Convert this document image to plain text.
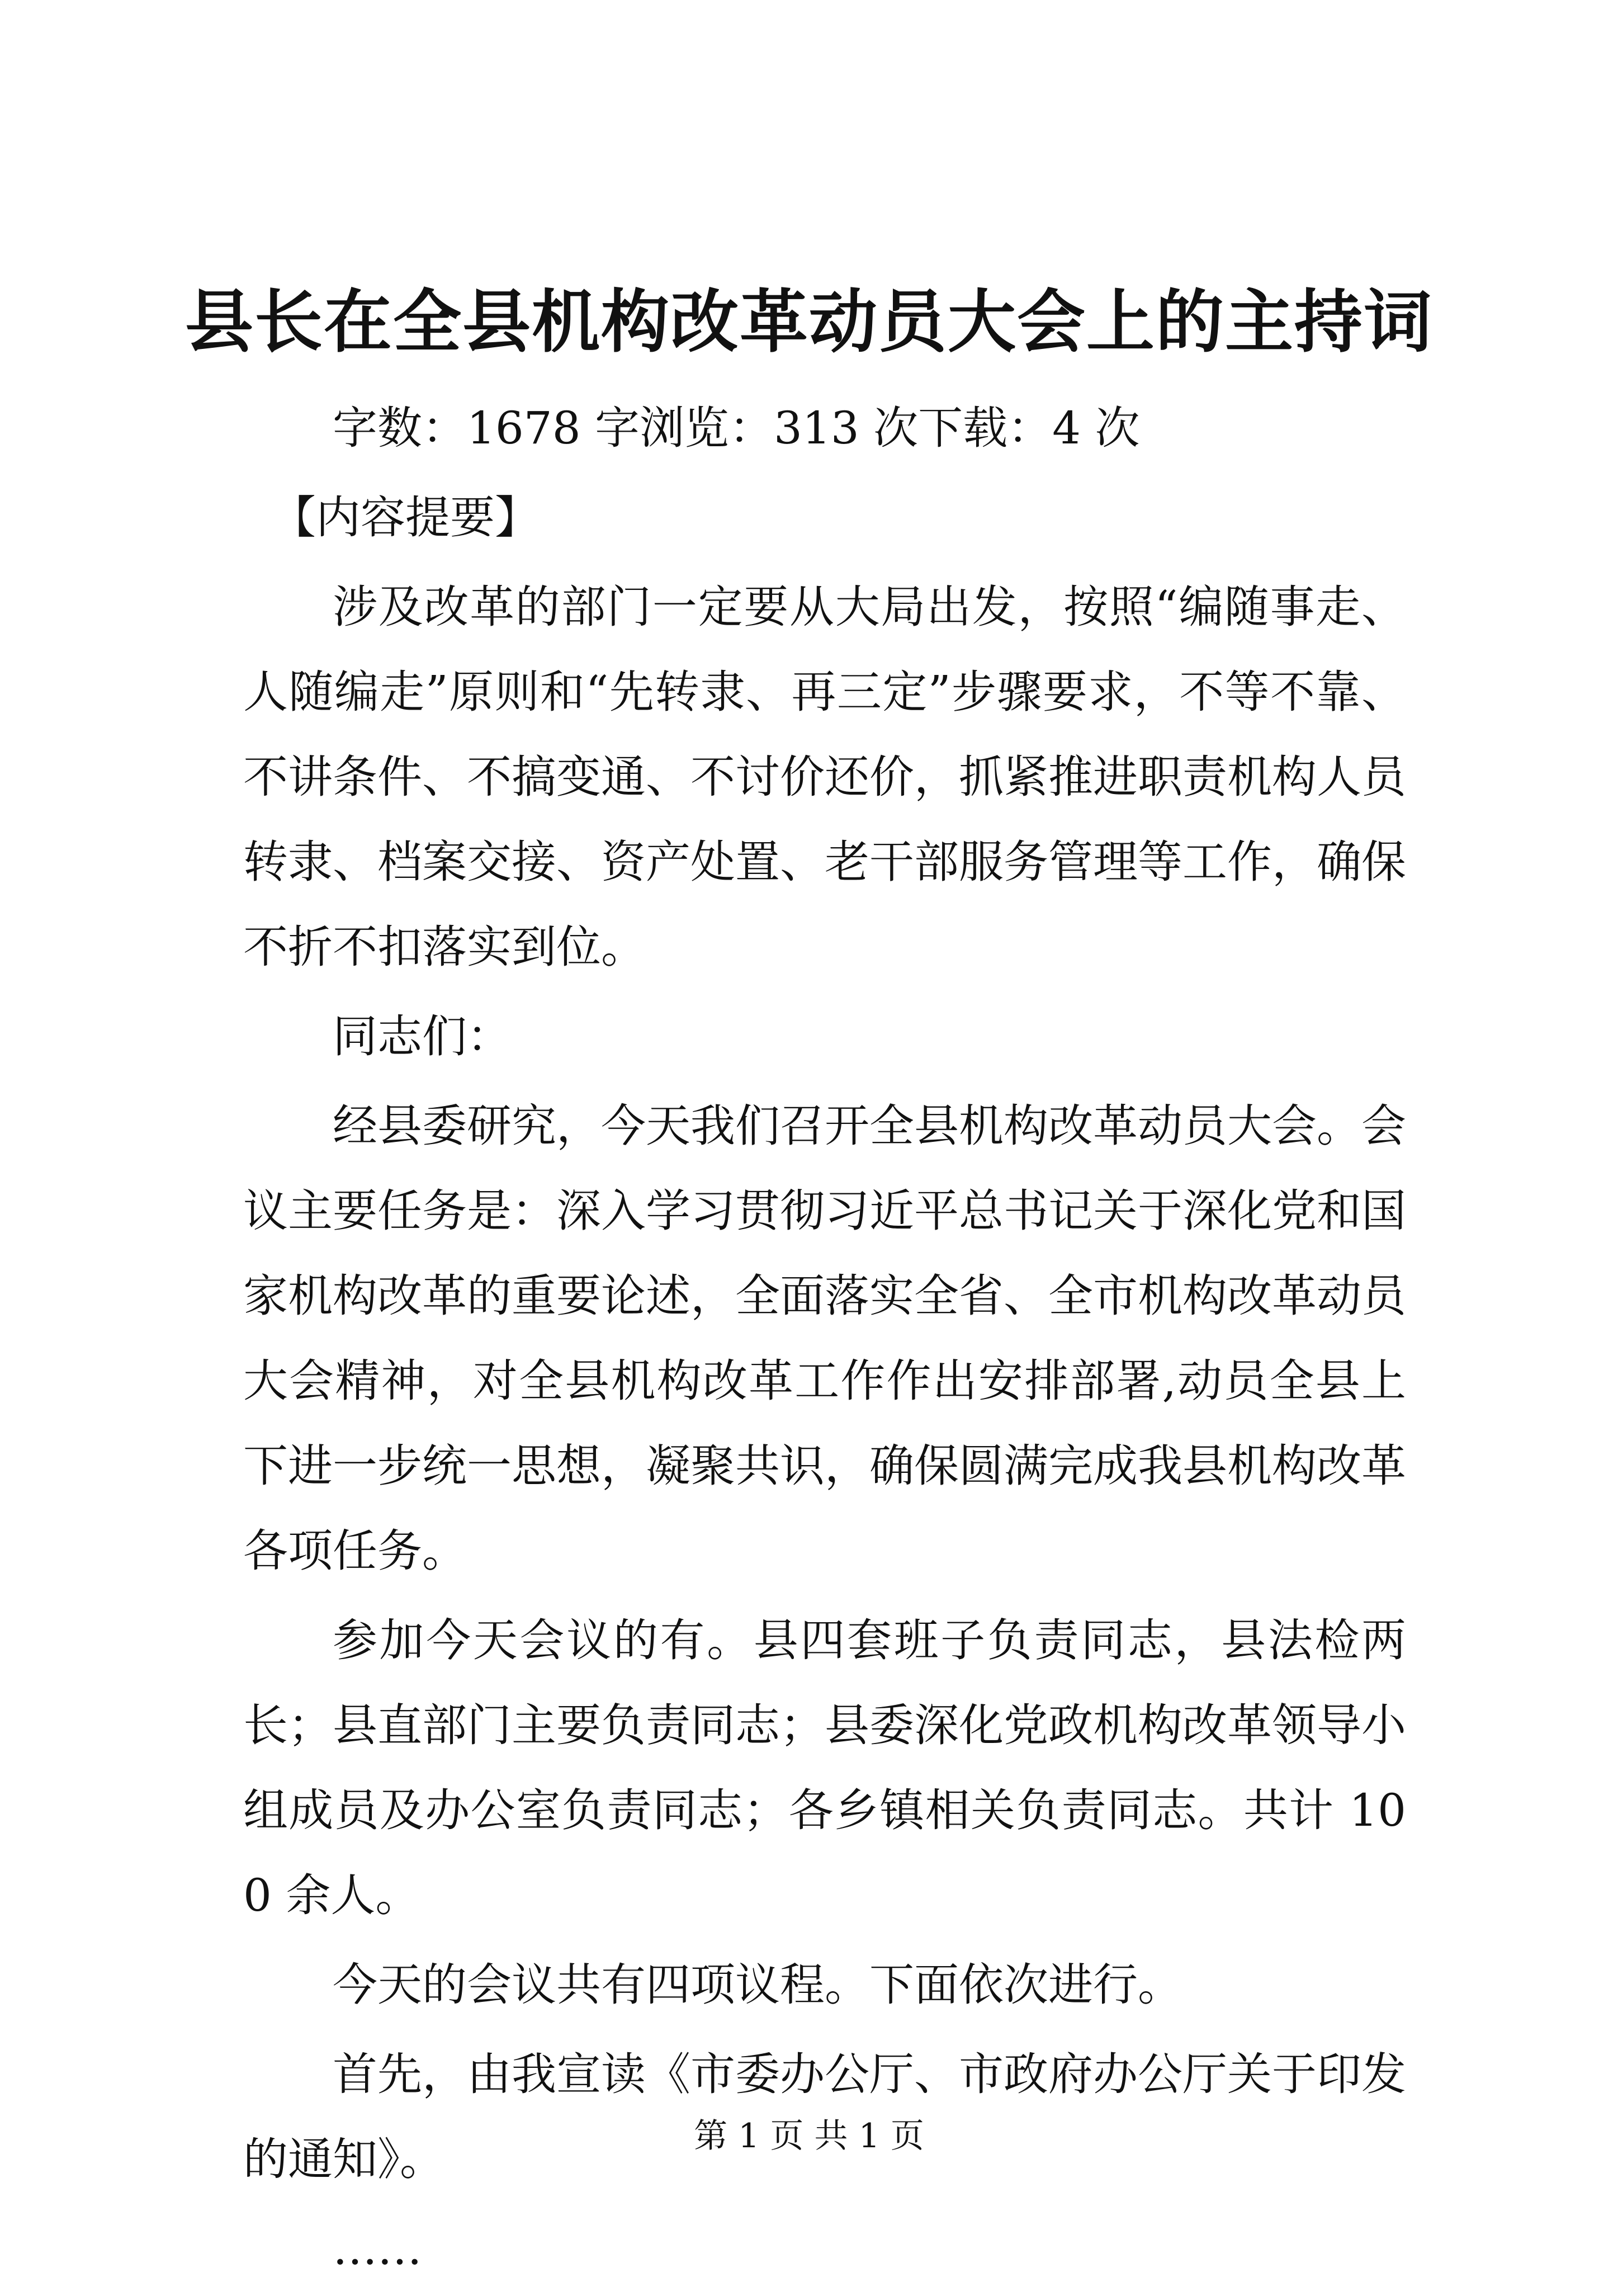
县长在全县机构改革动员大会上的主持词

字数：1678 字浏览：313 次下载：4 次

【内容提要】

涉及改革的部门一定要从大局出发，按照“编随事走、人随编走”原则和“先转隶、再三定”步骤要求，不等不靠、不讲条件、不搞变通、不讨价还价，抓紧推进职责机构人员转隶、档案交接、资产处置、老干部服务管理等工作，确保不折不扣落实到位。

同志们：

经县委研究，今天我们召开全县机构改革动员大会。会议主要任务是：深入学习贯彻习近平总书记关于深化党和国家机构改革的重要论述，全面落实全省、全市机构改革动员大会精神，对全县机构改革工作作出安排部署,动员全县上下进一步统一思想，凝聚共识，确保圆满完成我县机构改革各项任务。

参加今天会议的有。县四套班子负责同志，县法检两长；县直部门主要负责同志；县委深化党政机构改革领导小组成员及办公室负责同志；各乡镇相关负责同志。共计 100 余人。

今天的会议共有四项议程。下面依次进行。

首先，由我宣读《市委办公厅、市政府办公厅关于印发的通知》。

……

第 1 页 共 1 页
